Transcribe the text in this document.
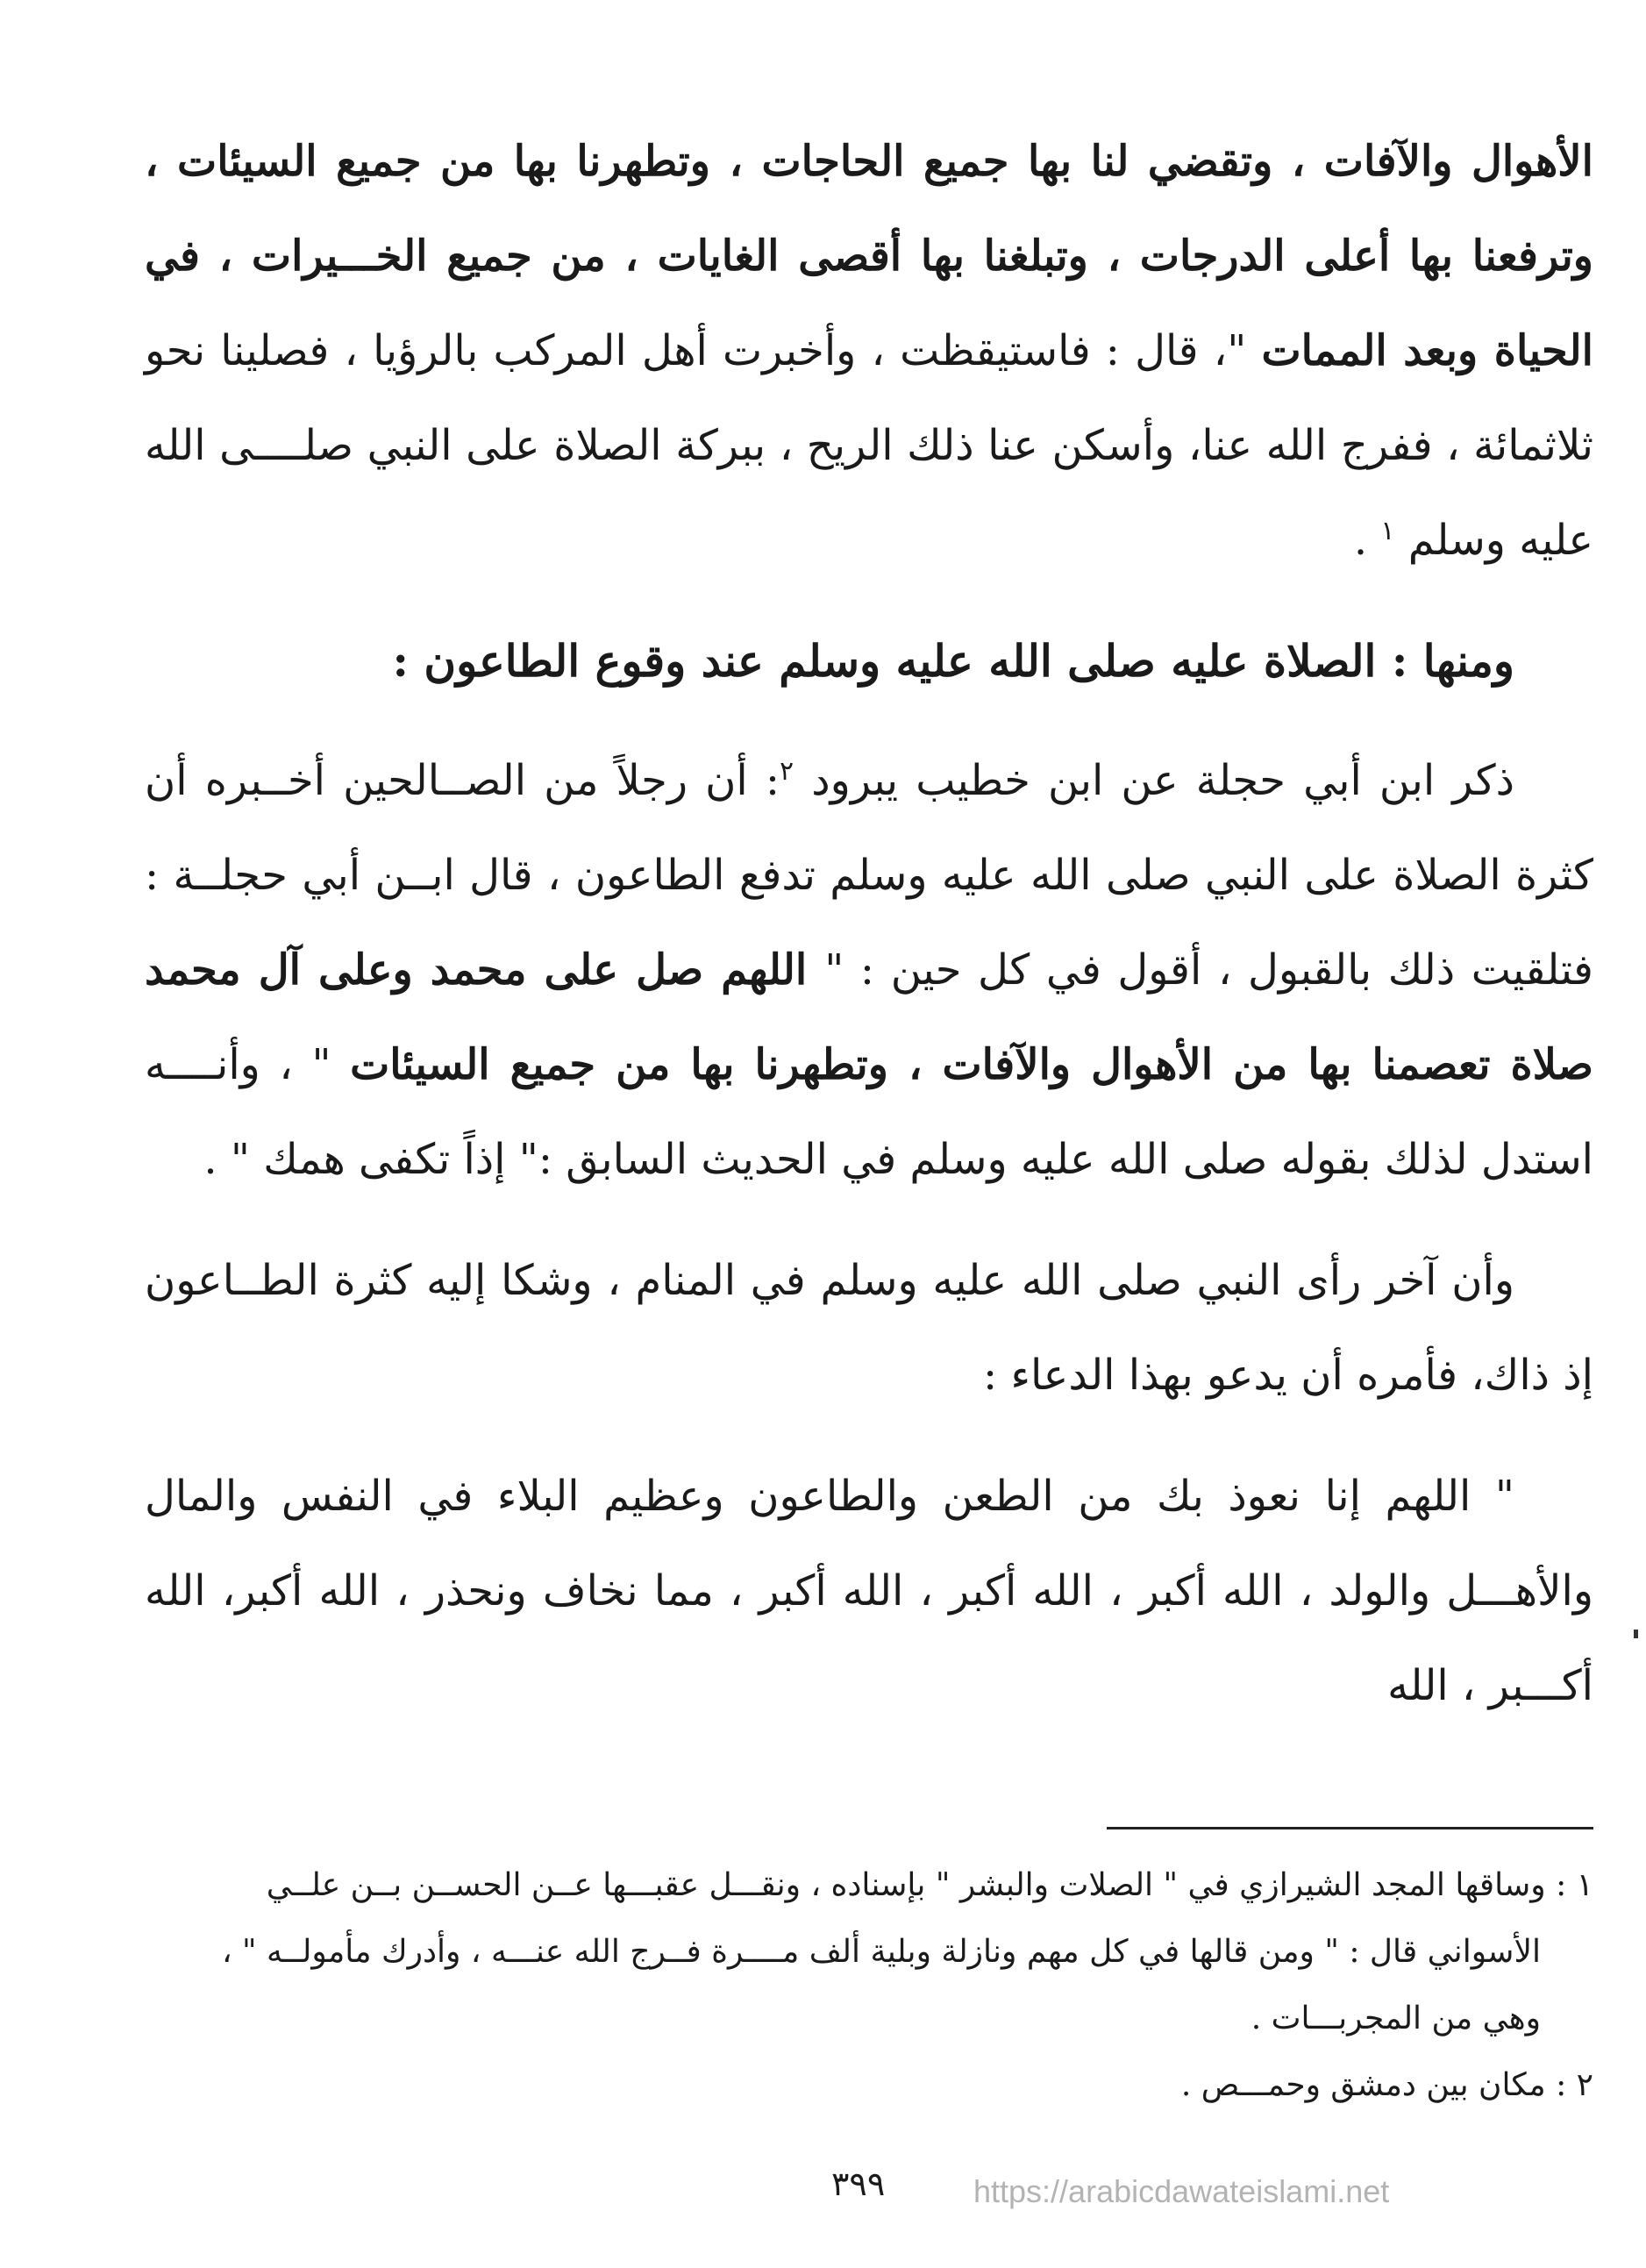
الأهوال والآفات ، وتقضي لنا بها جميع الحاجات ، وتطهرنا بها من جميع السيئات ، وترفعنا بها أعلى الدرجات ، وتبلغنا بها أقصى الغايات ، من جميع الخـــيرات ، في الحياة وبعد الممات "، قال : فاستيقظت ، وأخبرت أهل المركب بالرؤيا ، فصلينا نحو ثلاثمائة ، ففرج الله عنا، وأسكن عنا ذلك الريح ، ببركة الصلاة على النبي صلــــى الله عليه وسلم $^١$ .

ومنها : الصلاة عليه صلى الله عليه وسلم عند وقوع الطاعون :

ذكر ابن أبي حجلة عن ابن خطيب يبرود $^٢$: أن رجلاً من الصــالحين أخــبره أن كثرة الصلاة على النبي صلى الله عليه وسلم تدفع الطاعون ، قال ابــن أبي حجلــة : فتلقيت ذلك بالقبول ، أقول في كل حين : " اللهم صل على محمد وعلى آل محمد صلاة تعصمنا بها من الأهوال والآفات ، وتطهرنا بها من جميع السيئات " ، وأنــــه استدل لذلك بقوله صلى الله عليه وسلم في الحديث السابق :" إذاً تكفى همك " .

وأن آخر رأى النبي صلى الله عليه وسلم في المنام ، وشكا إليه كثرة الطــاعون إذ ذاك، فأمره أن يدعو بهذا الدعاء :

" اللهم إنا نعوذ بك من الطعن والطاعون وعظيم البلاء في النفس والمال والأهـــل والولد ، الله أكبر ، الله أكبر ، الله أكبر ، مما نخاف ونحذر ، الله أكبر، الله أكـــبر ، الله

١ : وساقها المجد الشيرازي في " الصلات والبشر " بإسناده ، ونقـــل عقبـــها عــن الحســن بــن علــي

الأسواني قال : " ومن قالها في كل مهم ونازلة وبلية ألف مــــرة فــرج الله عنـــه ، وأدرك مأمولــه " ،

وهي من المجربـــات .

٢ : مكان بين دمشق وحمـــص .

٣٩٩	https://arabicdawateislami.net
